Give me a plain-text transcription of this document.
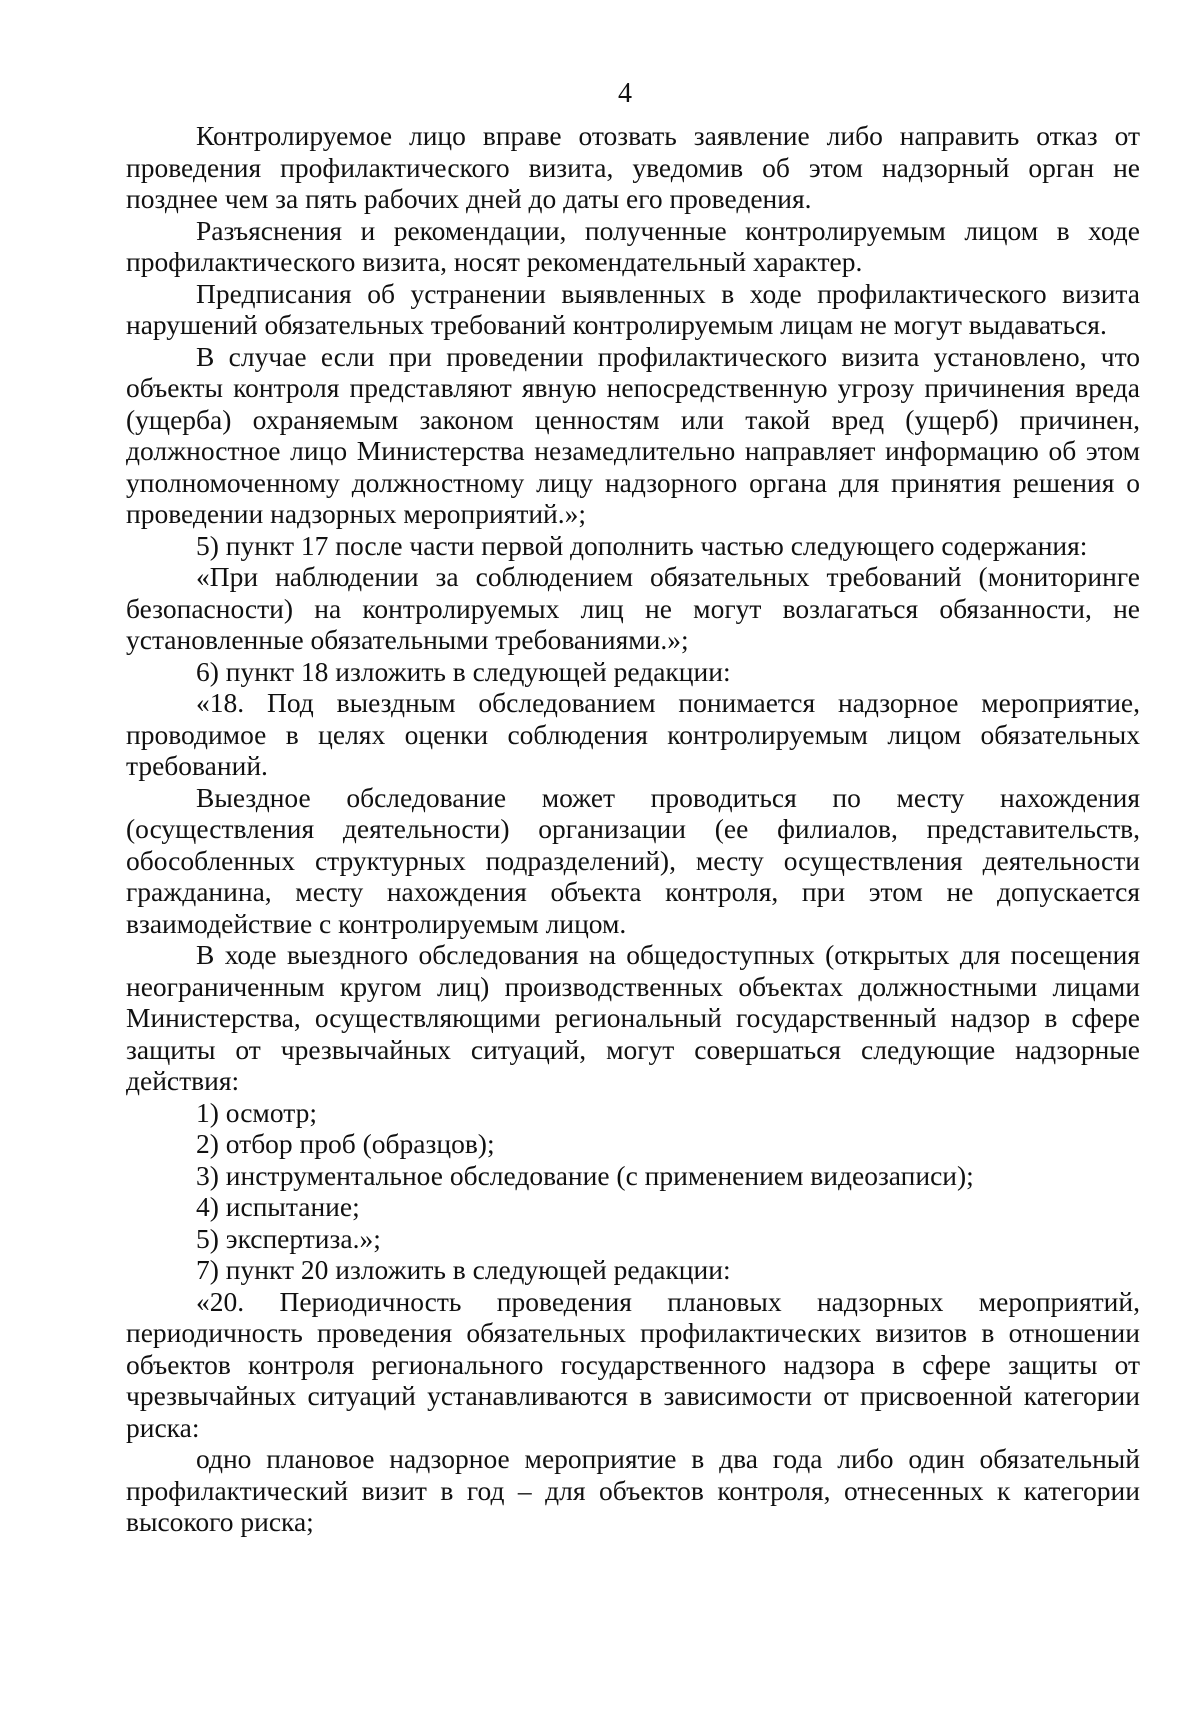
4

Контролируемое лицо вправе отозвать заявление либо направить отказ от проведения профилактического визита, уведомив об этом надзорный орган не позднее чем за пять рабочих дней до даты его проведения.

Разъяснения и рекомендации, полученные контролируемым лицом в ходе профилактического визита, носят рекомендательный характер.

Предписания об устранении выявленных в ходе профилактического визита нарушений обязательных требований контролируемым лицам не могут выдаваться.

В случае если при проведении профилактического визита установлено, что объекты контроля представляют явную непосредственную угрозу причинения вреда (ущерба) охраняемым законом ценностям или такой вред (ущерб) причинен, должностное лицо Министерства незамедлительно направляет информацию об этом уполномоченному должностному лицу надзорного органа для принятия решения о проведении надзорных мероприятий.»;

5) пункт 17 после части первой дополнить частью следующего содержания:

«При наблюдении за соблюдением обязательных требований (мониторинге безопасности) на контролируемых лиц не могут возлагаться обязанности, не установленные обязательными требованиями.»;

6) пункт 18 изложить в следующей редакции:

«18. Под выездным обследованием понимается надзорное мероприятие, проводимое в целях оценки соблюдения контролируемым лицом обязательных требований.

Выездное обследование может проводиться по месту нахождения (осуществления деятельности) организации (ее филиалов, представительств, обособленных структурных подразделений), месту осуществления деятельности гражданина, месту нахождения объекта контроля, при этом не допускается взаимодействие с контролируемым лицом.

В ходе выездного обследования на общедоступных (открытых для посещения неограниченным кругом лиц) производственных объектах должностными лицами Министерства, осуществляющими региональный государственный надзор в сфере защиты от чрезвычайных ситуаций, могут совершаться следующие надзорные действия:

1) осмотр;

2) отбор проб (образцов);

3) инструментальное обследование (с применением видеозаписи);

4) испытание;

5) экспертиза.»;

7) пункт 20 изложить в следующей редакции:

«20. Периодичность проведения плановых надзорных мероприятий, периодичность проведения обязательных профилактических визитов в отношении объектов контроля регионального государственного надзора в сфере защиты от чрезвычайных ситуаций устанавливаются в зависимости от присвоенной категории риска:

одно плановое надзорное мероприятие в два года либо один обязательный профилактический визит в год – для объектов контроля, отнесенных к категории высокого риска;
